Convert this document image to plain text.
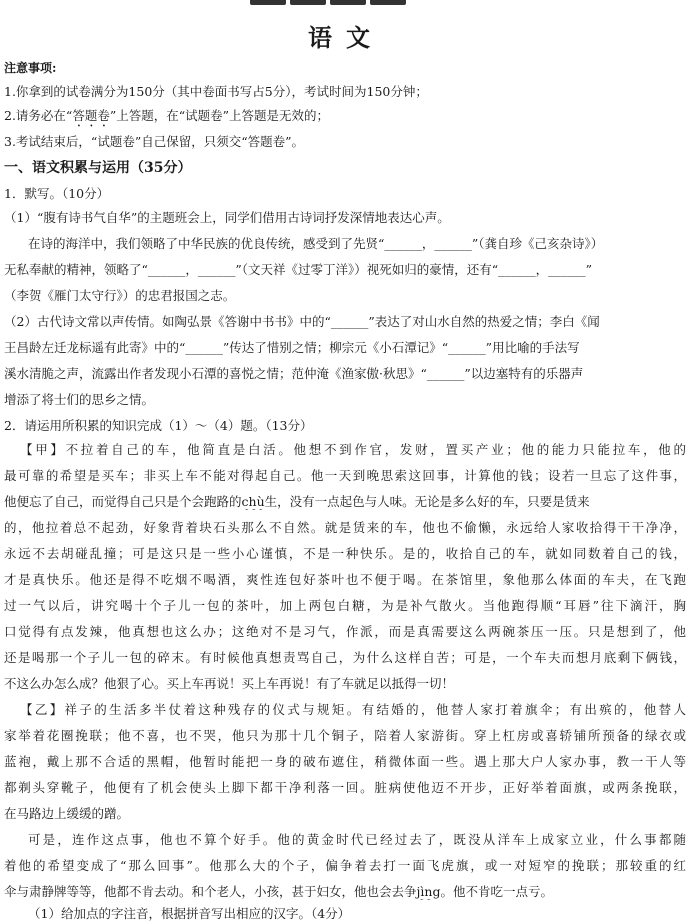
语文
注意事项:
1.你拿到的试卷满分为150分（其中卷面书写占5分），考试时间为150分钟；
2.请务必在“答题卷”上答题，在“试题卷”上答题是无效的；
3.考试结束后，“试题卷”自己保留，只须交“答题卷”。
一、语文积累与运用（35分）
1．默写。（10分）
（1）“腹有诗书气自华”的主题班会上，同学们借用古诗词抒发深情地表达心声。
在诗的海洋中，我们领略了中华民族的优良传统，感受到了先贤“______，______”（龚自珍《己亥杂诗》）
无私奉献的精神，领略了“______，______”（文天祥《过零丁洋》）视死如归的豪情，还有“______，______”
（李贺《雁门太守行》）的忠君报国之志。
（2）古代诗文常以声传情。如陶弘景《答谢中书书》中的“______”表达了对山水自然的热爱之情；李白《闻
王昌龄左迁龙标遥有此寄》中的“______”传达了惜别之情；柳宗元《小石潭记》“______”用比喻的手法写
溪水清脆之声，流露出作者发现小石潭的喜悦之情；范仲淹《渔家傲·秋思》“______”以边塞特有的乐器声
增添了将士们的思乡之情。
2．请运用所积累的知识完成（1）～（4）题。（13分）
【甲】不拉着自己的车，他简直是白活。他想不到作官，发财，置买产业；他的能力只能拉车，他的
最可靠的希望是买车；非买上车不能对得起自己。他一天到晚思索这回事，计算他的钱；设若一旦忘了这件事，
他便忘了自己，而觉得自己只是个会跑路的chù生，没有一点起色与人味。无论是多么好的车，只要是赁来
的，他拉着总不起劲，好象背着块石头那么不自然。就是赁来的车，他也不偷懒，永远给人家收拾得干干净净，
永远不去胡碰乱撞；可是这只是一些小心谨慎，不是一种快乐。是的，收拾自己的车，就如同数着自己的钱，
才是真快乐。他还是得不吃烟不喝酒，爽性连包好茶叶也不便于喝。在茶馆里，象他那么体面的车夫，在飞跑
过一气以后，讲究喝十个子儿一包的茶叶，加上两包白糖，为是补气散火。当他跑得顺“耳唇”往下滴汗，胸
口觉得有点发辣，他真想也这么办；这绝对不是习气，作派，而是真需要这么两碗茶压一压。只是想到了，他
还是喝那一个子儿一包的碎末。有时候他真想责骂自己，为什么这样自苦；可是，一个车夫而想月底剩下俩钱，
不这么办怎么成？他狠了心。买上车再说！买上车再说！有了车就足以抵得一切！
【乙】祥子的生活多半仗着这种残存的仪式与规矩。有结婚的，他替人家打着旗伞；有出殡的，他替人
家举着花圈挽联；他不喜，也不哭，他只为那十几个铜子，陪着人家游街。穿上杠房或喜轿铺所预备的绿衣或
蓝袍，戴上那不合适的黑帽，他暂时能把一身的破布遮住，稍微体面一些。遇上那大户人家办事，教一干人等
都剃头穿靴子，他便有了机会使头上脚下都干净利落一回。脏病使他迈不开步，正好举着面旗，或两条挽联，
在马路边上缓缓的蹭。
可是，连作这点事，他也不算个好手。他的黄金时代已经过去了，既没从洋车上成家立业，什么事都随
着他的希望变成了“那么回事”。他那么大的个子，偏争着去打一面飞虎旗，或一对短窄的挽联；那较重的红
伞与肃静牌等等，他都不肯去动。和个老人，小孩，甚于妇女，他也会去争jìng。他不肯吃一点亏。
（1）给加点的字注音，根据拼音写出相应的汉字。（4分）
